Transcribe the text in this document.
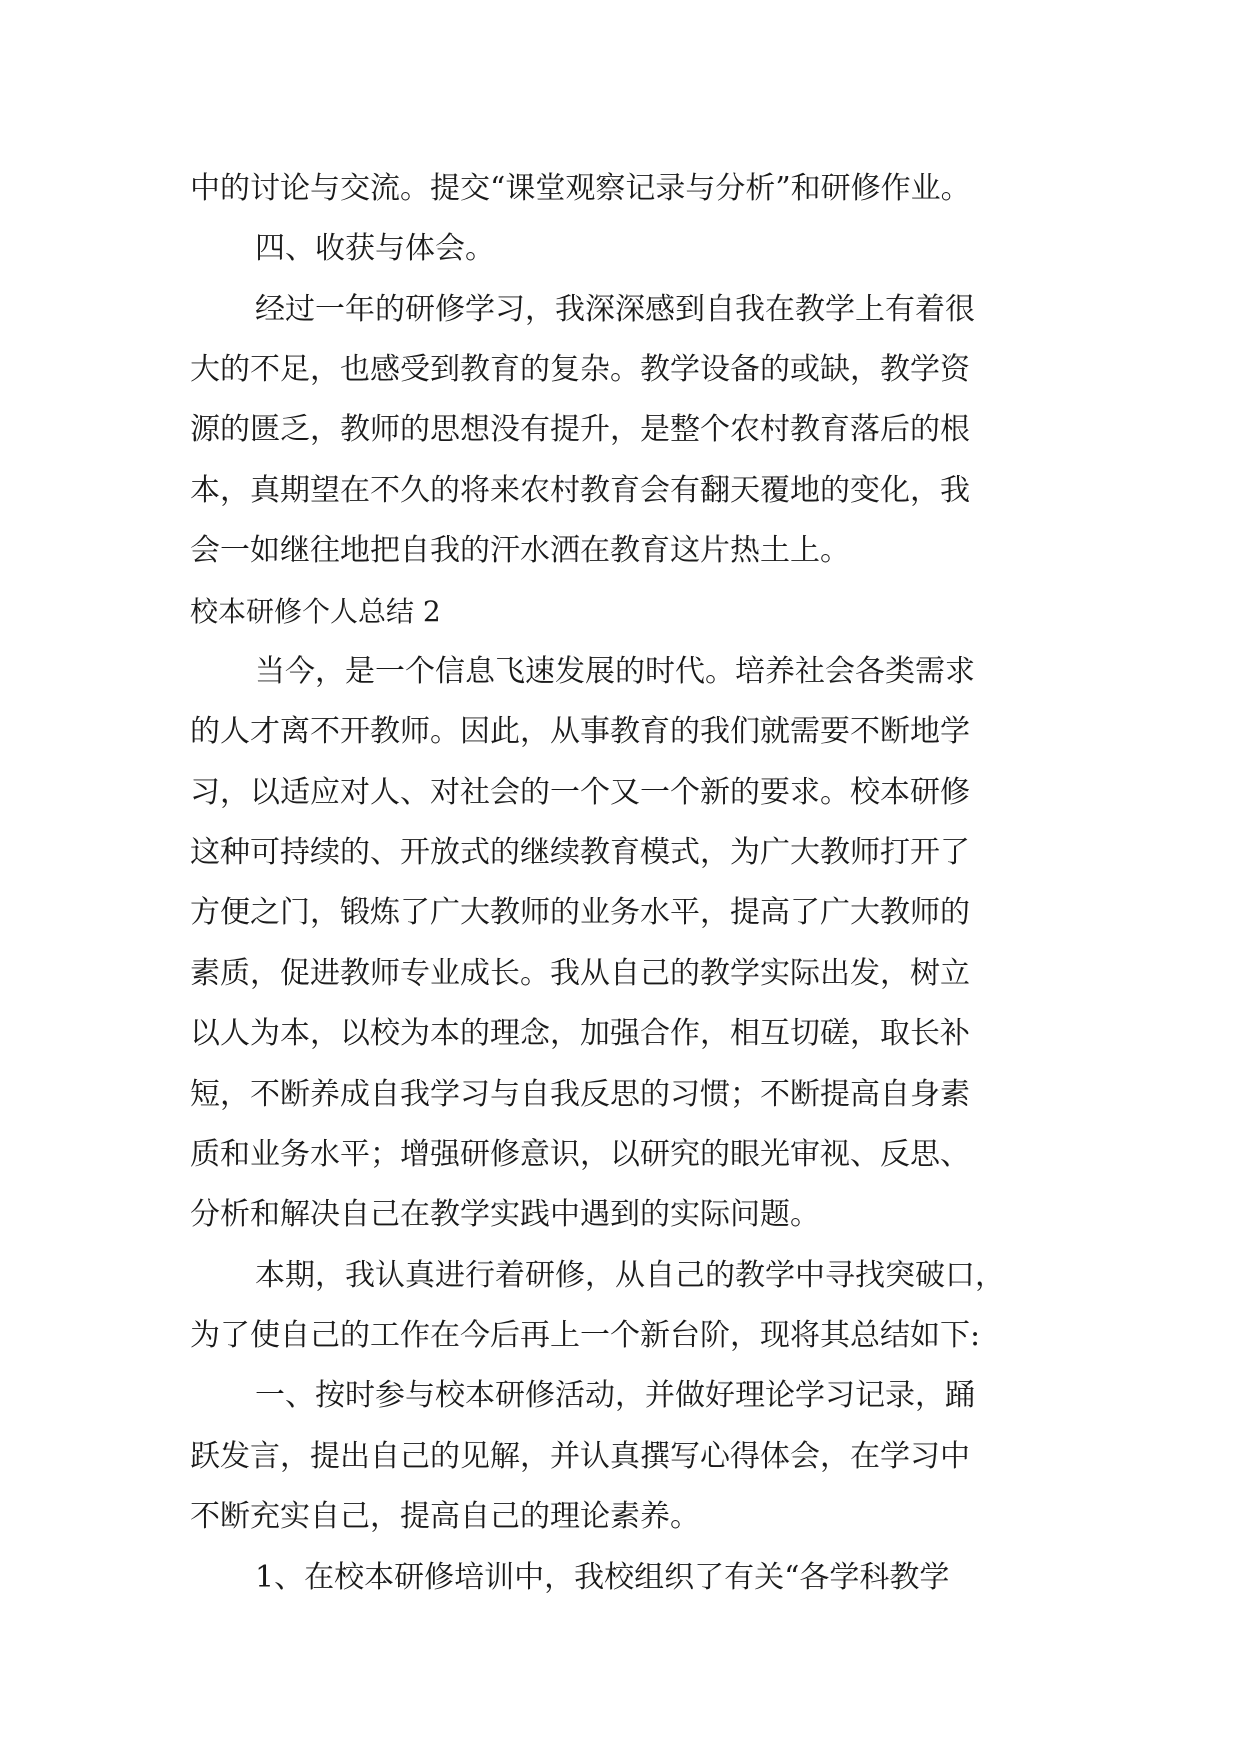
中的讨论与交流。提交“课堂观察记录与分析”和研修作业。
四、收获与体会。
经过一年的研修学习，我深深感到自我在教学上有着很
大的不足，也感受到教育的复杂。教学设备的或缺，教学资
源的匮乏，教师的思想没有提升，是整个农村教育落后的根
本，真期望在不久的将来农村教育会有翻天覆地的变化，我
会一如继往地把自我的汗水洒在教育这片热土上。
校本研修个人总结 2
当今，是一个信息飞速发展的时代。培养社会各类需求
的人才离不开教师。因此，从事教育的我们就需要不断地学
习，以适应对人、对社会的一个又一个新的要求。校本研修
这种可持续的、开放式的继续教育模式，为广大教师打开了
方便之门，锻炼了广大教师的业务水平，提高了广大教师的
素质，促进教师专业成长。我从自己的教学实际出发，树立
以人为本，以校为本的理念，加强合作，相互切磋，取长补
短，不断养成自我学习与自我反思的习惯；不断提高自身素
质和业务水平；增强研修意识，以研究的眼光审视、反思、
分析和解决自己在教学实践中遇到的实际问题。
本期，我认真进行着研修，从自己的教学中寻找突破口，
为了使自己的工作在今后再上一个新台阶，现将其总结如下:
一、按时参与校本研修活动，并做好理论学习记录，踊
跃发言，提出自己的见解，并认真撰写心得体会，在学习中
不断充实自己，提高自己的理论素养。
1、在校本研修培训中，我校组织了有关“各学科教学
